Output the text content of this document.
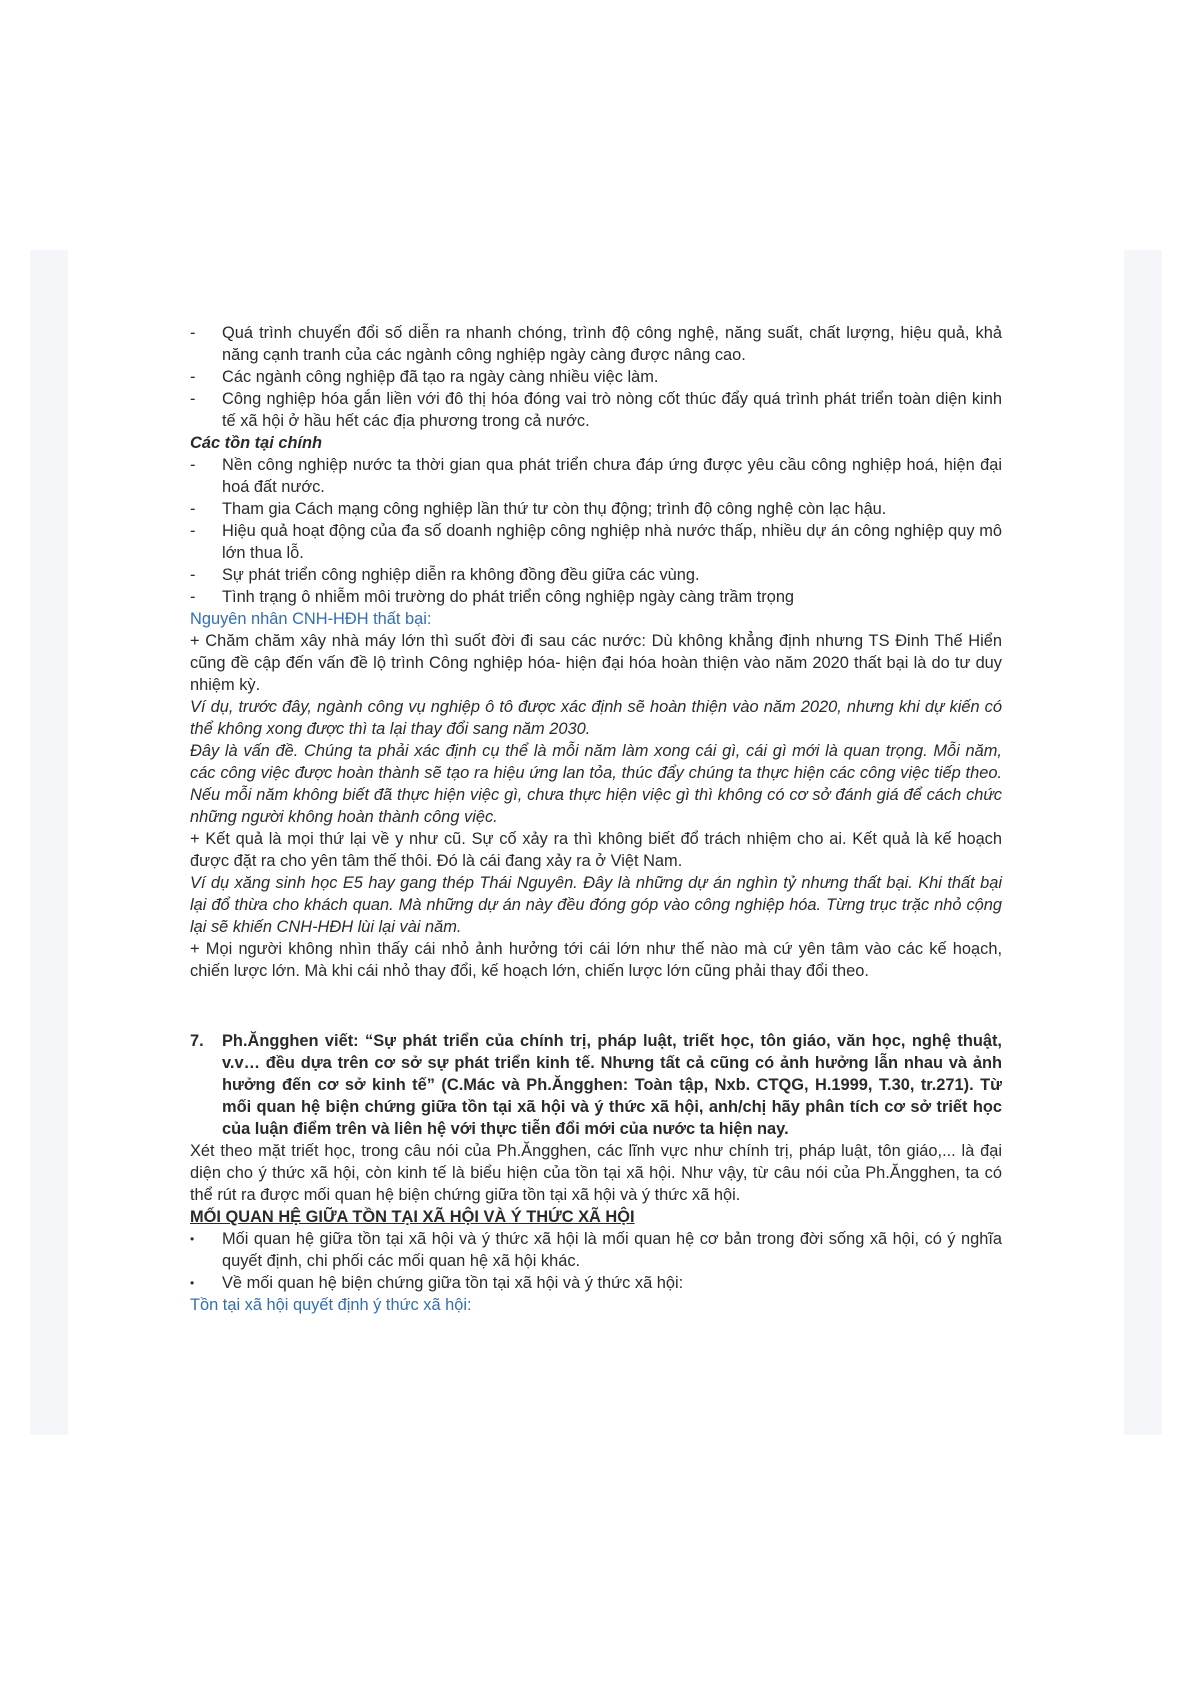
-	Quá trình chuyển đổi số diễn ra nhanh chóng, trình độ công nghệ, năng suất, chất lượng, hiệu quả, khả năng cạnh tranh của các ngành công nghiệp ngày càng được nâng cao.
-	Các ngành công nghiệp đã tạo ra ngày càng nhiều việc làm.
-	Công nghiệp hóa gắn liền với đô thị hóa đóng vai trò nòng cốt thúc đẩy quá trình phát triển toàn diện kinh tế xã hội ở hầu hết các địa phương trong cả nước.

Các tồn tại chính

-	Nền công nghiệp nước ta thời gian qua phát triển chưa đáp ứng được yêu cầu công nghiệp hoá, hiện đại hoá đất nước.
-	Tham gia Cách mạng công nghiệp lần thứ tư còn thụ động; trình độ công nghệ còn lạc hậu.
-	Hiệu quả hoạt động của đa số doanh nghiệp công nghiệp nhà nước thấp, nhiều dự án công nghiệp quy mô lớn thua lỗ.
-	Sự phát triển công nghiệp diễn ra không đồng đều giữa các vùng.
-	Tình trạng ô nhiễm môi trường do phát triển công nghiệp ngày càng trầm trọng

Nguyên nhân CNH-HĐH thất bại:

+ Chăm chăm xây nhà máy lớn thì suốt đời đi sau các nước: Dù không khẳng định nhưng TS Đinh Thế Hiển cũng đề cập đến vấn đề lộ trình Công nghiệp hóa- hiện đại hóa hoàn thiện vào năm 2020 thất bại là do tư duy nhiệm kỳ.

Ví dụ, trước đây, ngành công vụ nghiệp ô tô được xác định sẽ hoàn thiện vào năm 2020, nhưng khi dự kiến có thể không xong được thì ta lại thay đổi sang năm 2030.

Đây là vấn đề. Chúng ta phải xác định cụ thể là mỗi năm làm xong cái gì, cái gì mới là quan trọng. Mỗi năm, các công việc được hoàn thành sẽ tạo ra hiệu ứng lan tỏa, thúc đẩy chúng ta thực hiện các công việc tiếp theo. Nếu mỗi năm không biết đã thực hiện việc gì, chưa thực hiện việc gì thì không có cơ sở đánh giá để cách chức những người không hoàn thành công việc.

+ Kết quả là mọi thứ lại về y như cũ. Sự cố xảy ra thì không biết đổ trách nhiệm cho ai. Kết quả là kế hoạch được đặt ra cho yên tâm thế thôi. Đó là cái đang xảy ra ở Việt Nam.

Ví dụ xăng sinh học E5 hay gang thép Thái Nguyên. Đây là những dự án nghìn tỷ nhưng thất bại. Khi thất bại lại đổ thừa cho khách quan. Mà những dự án này đều đóng góp vào công nghiệp hóa. Từng trục trặc nhỏ cộng lại sẽ khiến CNH-HĐH lùi lại vài năm.

+ Mọi người không nhìn thấy cái nhỏ ảnh hưởng tới cái lớn như thế nào mà cứ yên tâm vào các kế hoạch, chiến lược lớn. Mà khi cái nhỏ thay đổi, kế hoạch lớn, chiến lược lớn cũng phải thay đổi theo.

7.	Ph.Ăngghen viết: “Sự phát triển của chính trị, pháp luật, triết học, tôn giáo, văn học, nghệ thuật, v.v… đều dựa trên cơ sở sự phát triển kinh tế. Nhưng tất cả cũng có ảnh hưởng lẫn nhau và ảnh hưởng đến cơ sở kinh tế” (C.Mác và Ph.Ăngghen: Toàn tập, Nxb. CTQG, H.1999, T.30, tr.271). Từ mối quan hệ biện chứng giữa tồn tại xã hội và ý thức xã hội, anh/chị hãy phân tích cơ sở triết học của luận điểm trên và liên hệ với thực tiễn đổi mới của nước ta hiện nay.

Xét theo mặt triết học, trong câu nói của Ph.Ăngghen, các lĩnh vực như chính trị, pháp luật, tôn giáo,... là đại diện cho ý thức xã hội, còn kinh tế là biểu hiện của tồn tại xã hội. Như vậy, từ câu nói của Ph.Ăngghen, ta có thể rút ra được mối quan hệ biện chứng giữa tồn tại xã hội và ý thức xã hội.

MỐI QUAN HỆ GIỮA TỒN TẠI XÃ HỘI VÀ Ý THỨC XÃ HỘI

•	Mối quan hệ giữa tồn tại xã hội và ý thức xã hội là mối quan hệ cơ bản trong đời sống xã hội, có ý nghĩa quyết định, chi phối các mối quan hệ xã hội khác.
•	Về mối quan hệ biện chứng giữa tồn tại xã hội và ý thức xã hội:

Tồn tại xã hội quyết định ý thức xã hội:
